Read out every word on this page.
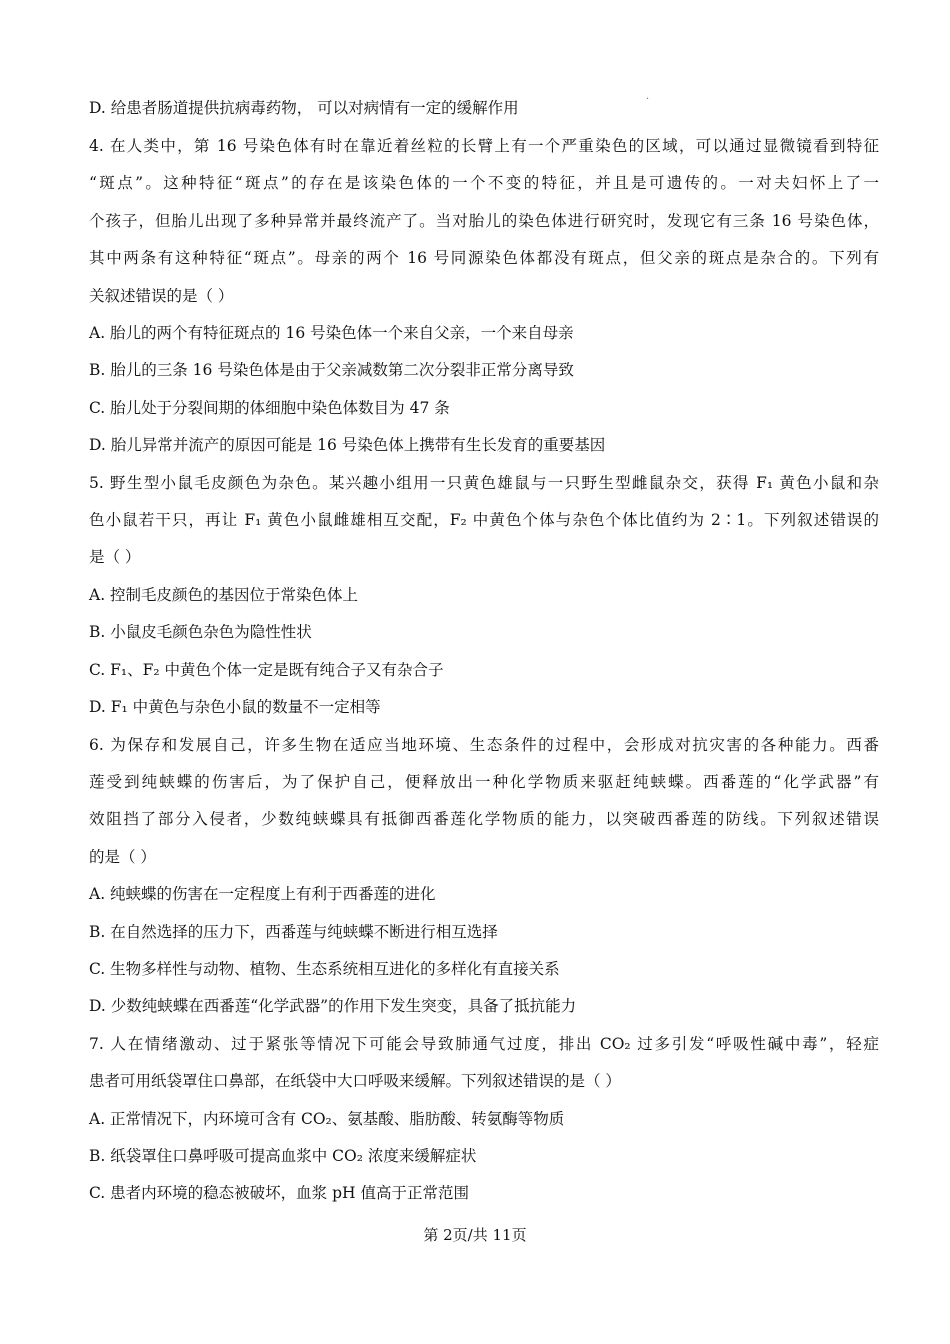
·
D. 给患者肠道提供抗病毒药物， 可以对病情有一定的缓解作用
4. 在人类中，第 16 号染色体有时在靠近着丝粒的长臂上有一个严重染色的区域，可以通过显微镜看到特征
“斑点”。这种特征“斑点”的存在是该染色体的一个不变的特征，并且是可遗传的。一对夫妇怀上了一
个孩子，但胎儿出现了多种异常并最终流产了。当对胎儿的染色体进行研究时，发现它有三条 16 号染色体，
其中两条有这种特征“斑点”。母亲的两个 16 号同源染色体都没有斑点，但父亲的斑点是杂合的。下列有
关叙述错误的是（ ）
A. 胎儿的两个有特征斑点的 16 号染色体一个来自父亲，一个来自母亲
B. 胎儿的三条 16 号染色体是由于父亲减数第二次分裂非正常分离导致
C. 胎儿处于分裂间期的体细胞中染色体数目为 47 条
D. 胎儿异常并流产的原因可能是 16 号染色体上携带有生长发育的重要基因
5. 野生型小鼠毛皮颜色为杂色。某兴趣小组用一只黄色雄鼠与一只野生型雌鼠杂交，获得 F₁ 黄色小鼠和杂
色小鼠若干只，再让 F₁ 黄色小鼠雌雄相互交配，F₂ 中黄色个体与杂色个体比值约为 2∶1。下列叙述错误的
是（ ）
A. 控制毛皮颜色的基因位于常染色体上
B. 小鼠皮毛颜色杂色为隐性性状
C. F₁、F₂ 中黄色个体一定是既有纯合子又有杂合子
D. F₁ 中黄色与杂色小鼠的数量不一定相等
6. 为保存和发展自己，许多生物在适应当地环境、生态条件的过程中，会形成对抗灾害的各种能力。西番
莲受到纯蛱蝶的伤害后，为了保护自己，便释放出一种化学物质来驱赶纯蛱蝶。西番莲的“化学武器”有
效阻挡了部分入侵者，少数纯蛱蝶具有抵御西番莲化学物质的能力，以突破西番莲的防线。下列叙述错误
的是（ ）
A. 纯蛱蝶的伤害在一定程度上有利于西番莲的进化
B. 在自然选择的压力下，西番莲与纯蛱蝶不断进行相互选择
C. 生物多样性与动物、植物、生态系统相互进化的多样化有直接关系
D. 少数纯蛱蝶在西番莲“化学武器”的作用下发生突变，具备了抵抗能力
7. 人在情绪激动、过于紧张等情况下可能会导致肺通气过度，排出 CO₂ 过多引发“呼吸性碱中毒”，轻症
患者可用纸袋罩住口鼻部，在纸袋中大口呼吸来缓解。下列叙述错误的是（ ）
A. 正常情况下，内环境可含有 CO₂、氨基酸、脂肪酸、转氨酶等物质
B. 纸袋罩住口鼻呼吸可提高血浆中 CO₂ 浓度来缓解症状
C. 患者内环境的稳态被破坏，血浆 pH 值高于正常范围
第 2页/共 11页
